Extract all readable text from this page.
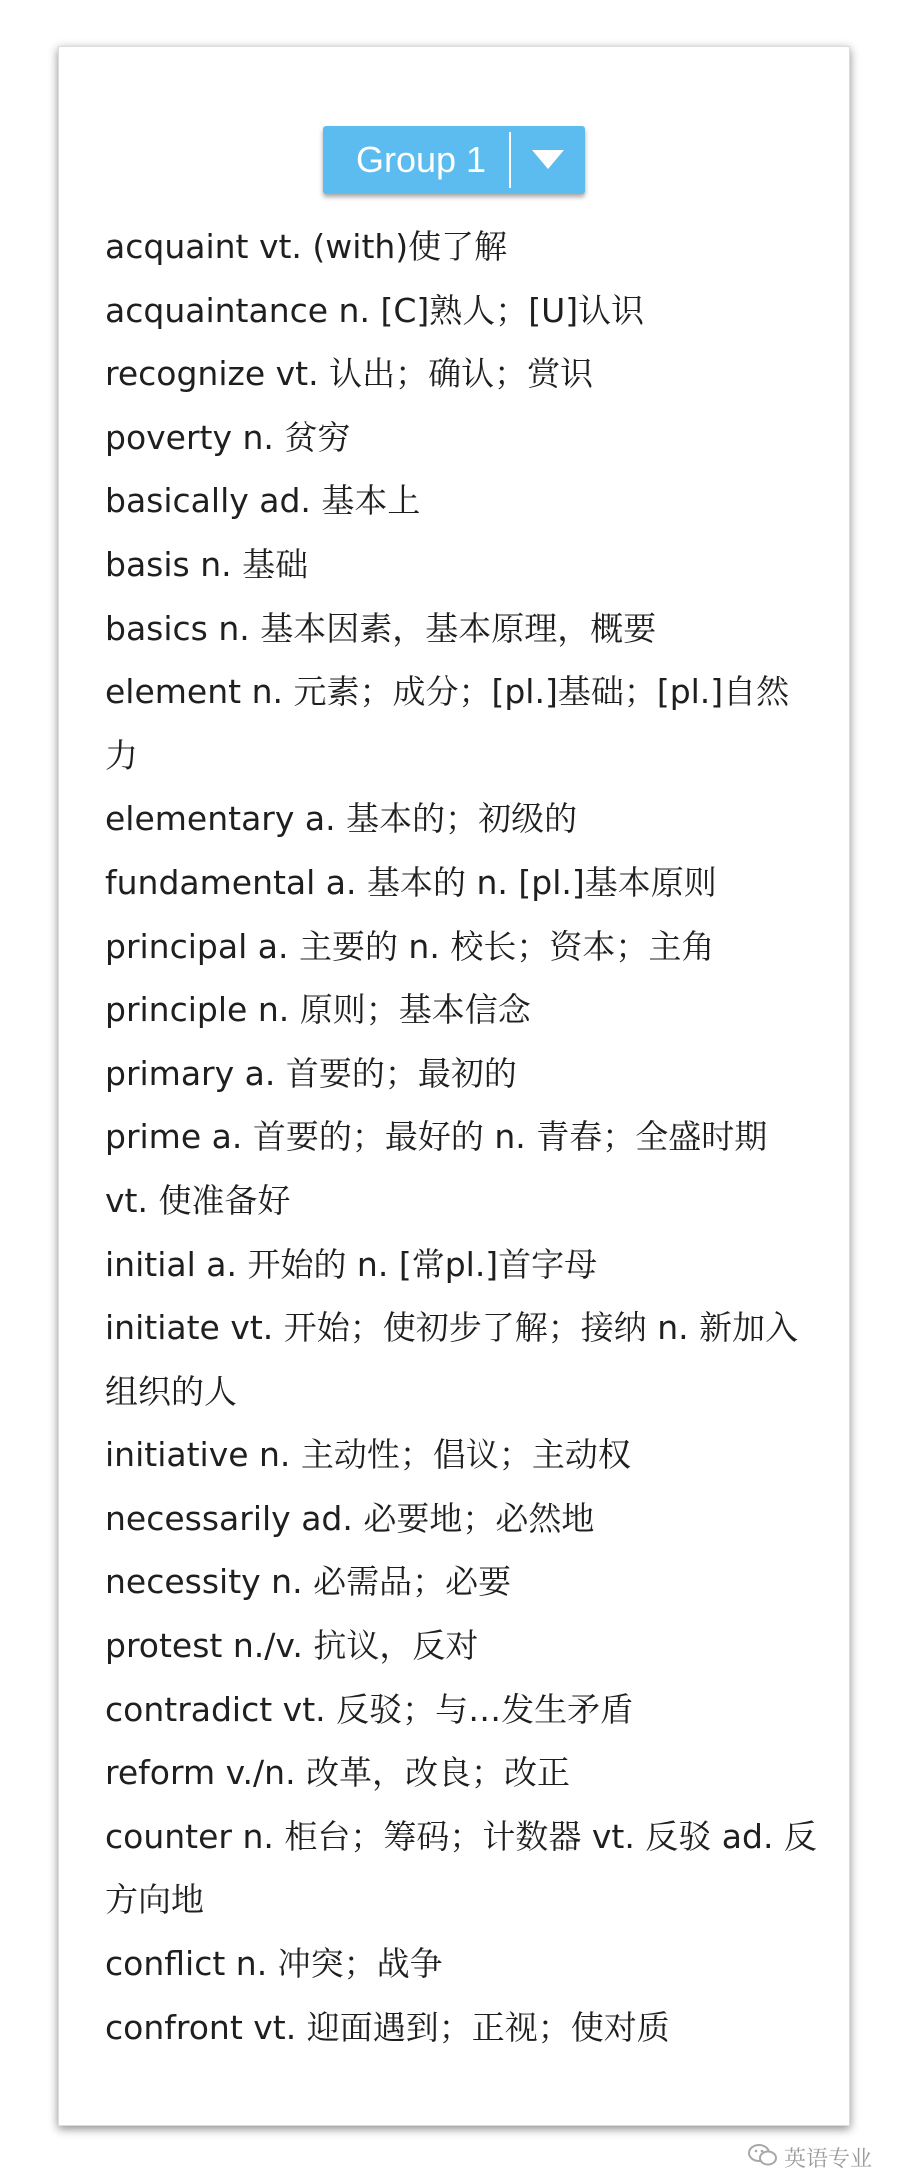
Group 1
acquaint vt. (with)使了解
acquaintance n. [C]熟人；[U]认识
recognize vt. 认出；确认；赏识
poverty n. 贫穷
basically ad. 基本上
basis n. 基础
basics n. 基本因素，基本原理，概要
element n. 元素；成分；[pl.]基础；[pl.]自然力
elementary a. 基本的；初级的
fundamental a. 基本的 n. [pl.]基本原则
principal a. 主要的 n. 校长；资本；主角
principle n. 原则；基本信念
primary a. 首要的；最初的
prime a. 首要的；最好的 n. 青春；全盛时期 vt. 使准备好
initial a. 开始的 n. [常pl.]首字母
initiate vt. 开始；使初步了解；接纳 n. 新加入组织的人
initiative n. 主动性；倡议；主动权
necessarily ad. 必要地；必然地
necessity n. 必需品；必要
protest n./v. 抗议，反对
contradict vt. 反驳；与…发生矛盾
reform v./n. 改革，改良；改正
counter n. 柜台；筹码；计数器 vt. 反驳 ad. 反方向地
conflict n. 冲突；战争
confront vt. 迎面遇到；正视；使对质
英语专业
